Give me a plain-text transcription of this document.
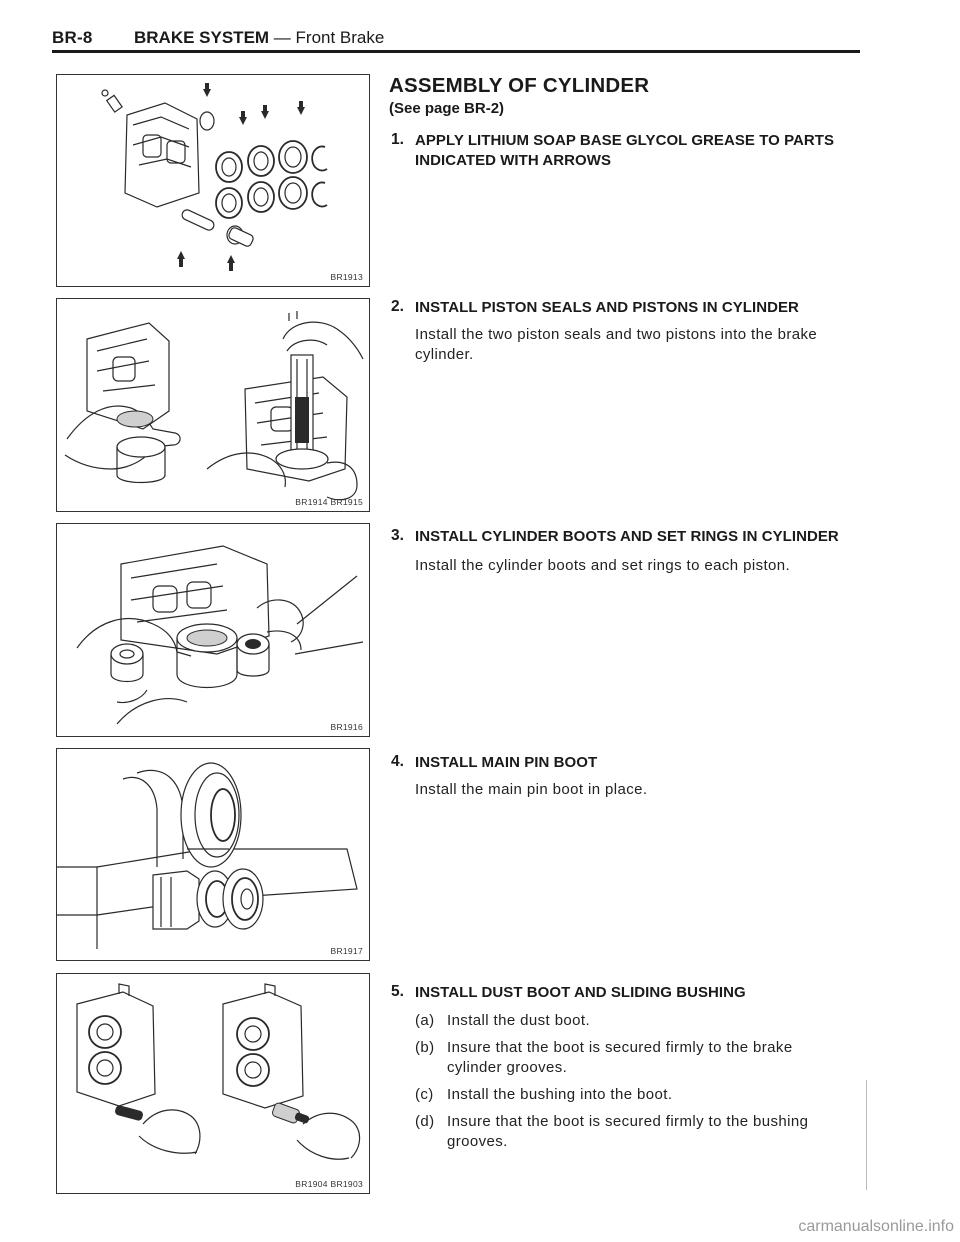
BR-8 BRAKE SYSTEM — Front Brake
BR1913
BR1914 BR1915
BR1916
BR1917
BR1904 BR1903
ASSEMBLY OF CYLINDER
(See page BR-2)
1. APPLY LITHIUM SOAP BASE GLYCOL GREASE TO PARTS
INDICATED WITH ARROWS
2. INSTALL PISTON SEALS AND PISTONS IN CYLINDER
Install the two piston seals and two pistons into the brake
cylinder.
3. INSTALL CYLINDER BOOTS AND SET RINGS IN CYLINDER
Install the cylinder boots and set rings to each piston.
4. INSTALL MAIN PIN BOOT
Install the main pin boot in place.
5. INSTALL DUST BOOT AND SLIDING BUSHING
(a) Install the dust boot.
(b) Insure that the boot is secured firmly to the brake
cylinder grooves.
(c) Install the bushing into the boot.
(d) Insure that the boot is secured firmly to the bushing
grooves.
carmanualsonline.info
